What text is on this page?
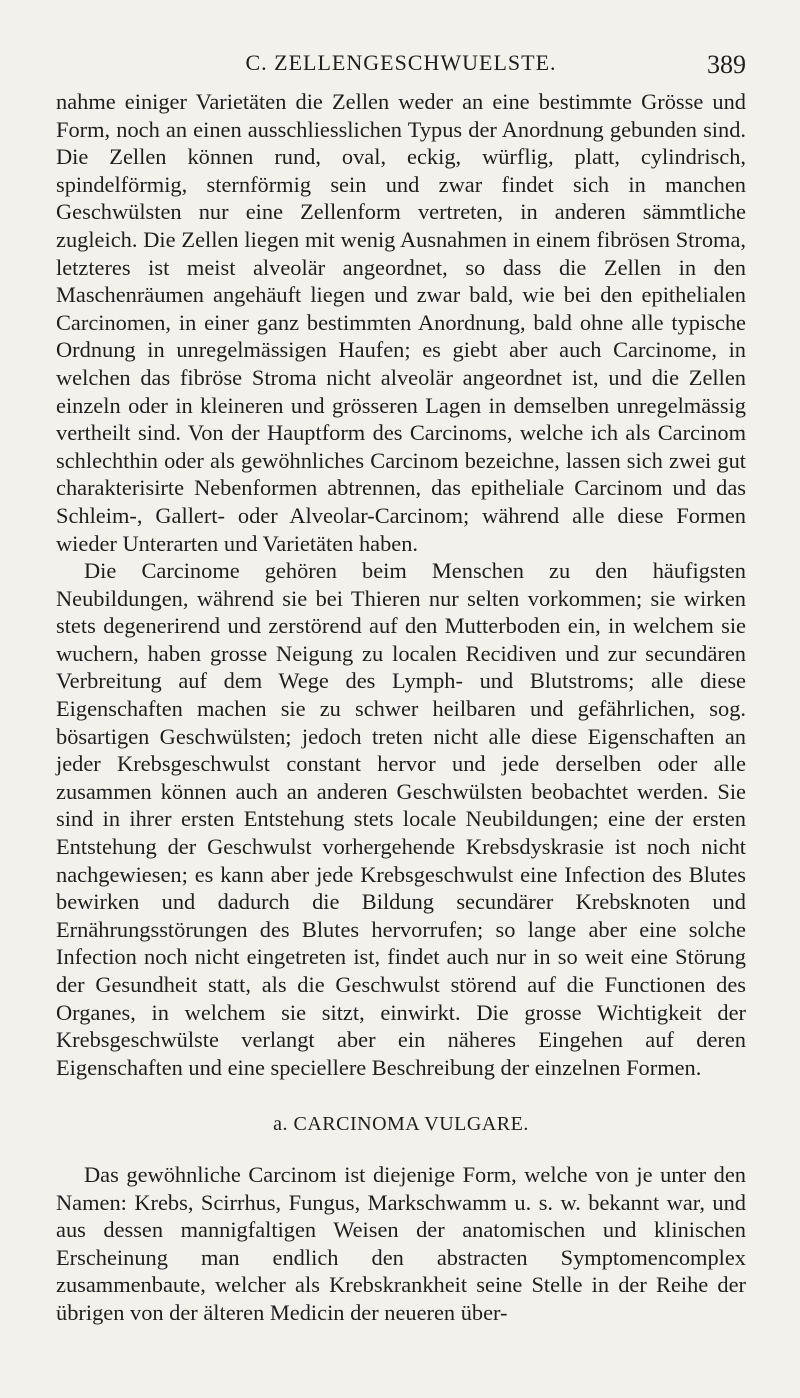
C. ZELLENGESCHWUELSTE.	389

nahme einiger Varietäten die Zellen weder an eine bestimmte Grösse und Form, noch an einen ausschliesslichen Typus der Anordnung gebunden sind. Die Zellen können rund, oval, eckig, würflig, platt, cylindrisch, spindelförmig, sternförmig sein und zwar findet sich in manchen Geschwülsten nur eine Zellenform vertreten, in anderen sämmtliche zugleich. Die Zellen liegen mit wenig Ausnahmen in einem fibrösen Stroma, letzteres ist meist alveolär angeordnet, so dass die Zellen in den Maschenräumen angehäuft liegen und zwar bald, wie bei den epithelialen Carcinomen, in einer ganz bestimmten Anordnung, bald ohne alle typische Ordnung in unregelmässigen Haufen; es giebt aber auch Carcinome, in welchen das fibröse Stroma nicht alveolär angeordnet ist, und die Zellen einzeln oder in kleineren und grösseren Lagen in demselben unregelmässig vertheilt sind. Von der Hauptform des Carcinoms, welche ich als Carcinom schlechthin oder als gewöhnliches Carcinom bezeichne, lassen sich zwei gut charakterisirte Nebenformen abtrennen, das epitheliale Carcinom und das Schleim-, Gallert- oder Alveolar-Carcinom; während alle diese Formen wieder Unterarten und Varietäten haben.

Die Carcinome gehören beim Menschen zu den häufigsten Neubildungen, während sie bei Thieren nur selten vorkommen; sie wirken stets degenerirend und zerstörend auf den Mutterboden ein, in welchem sie wuchern, haben grosse Neigung zu localen Recidiven und zur secundären Verbreitung auf dem Wege des Lymph- und Blutstroms; alle diese Eigenschaften machen sie zu schwer heilbaren und gefährlichen, sog. bösartigen Geschwülsten; jedoch treten nicht alle diese Eigenschaften an jeder Krebsgeschwulst constant hervor und jede derselben oder alle zusammen können auch an anderen Geschwülsten beobachtet werden. Sie sind in ihrer ersten Entstehung stets locale Neubildungen; eine der ersten Entstehung der Geschwulst vorhergehende Krebsdyskrasie ist noch nicht nachgewiesen; es kann aber jede Krebsgeschwulst eine Infection des Blutes bewirken und dadurch die Bildung secundärer Krebsknoten und Ernährungsstörungen des Blutes hervorrufen; so lange aber eine solche Infection noch nicht eingetreten ist, findet auch nur in so weit eine Störung der Gesundheit statt, als die Geschwulst störend auf die Functionen des Organes, in welchem sie sitzt, einwirkt. Die grosse Wichtigkeit der Krebsgeschwülste verlangt aber ein näheres Eingehen auf deren Eigenschaften und eine speciellere Beschreibung der einzelnen Formen.

a. CARCINOMA VULGARE.

Das gewöhnliche Carcinom ist diejenige Form, welche von je unter den Namen: Krebs, Scirrhus, Fungus, Markschwamm u. s. w. bekannt war, und aus dessen mannigfaltigen Weisen der anatomischen und klinischen Erscheinung man endlich den abstracten Symptomencomplex zusammenbaute, welcher als Krebskrankheit seine Stelle in der Reihe der übrigen von der älteren Medicin der neueren über-
